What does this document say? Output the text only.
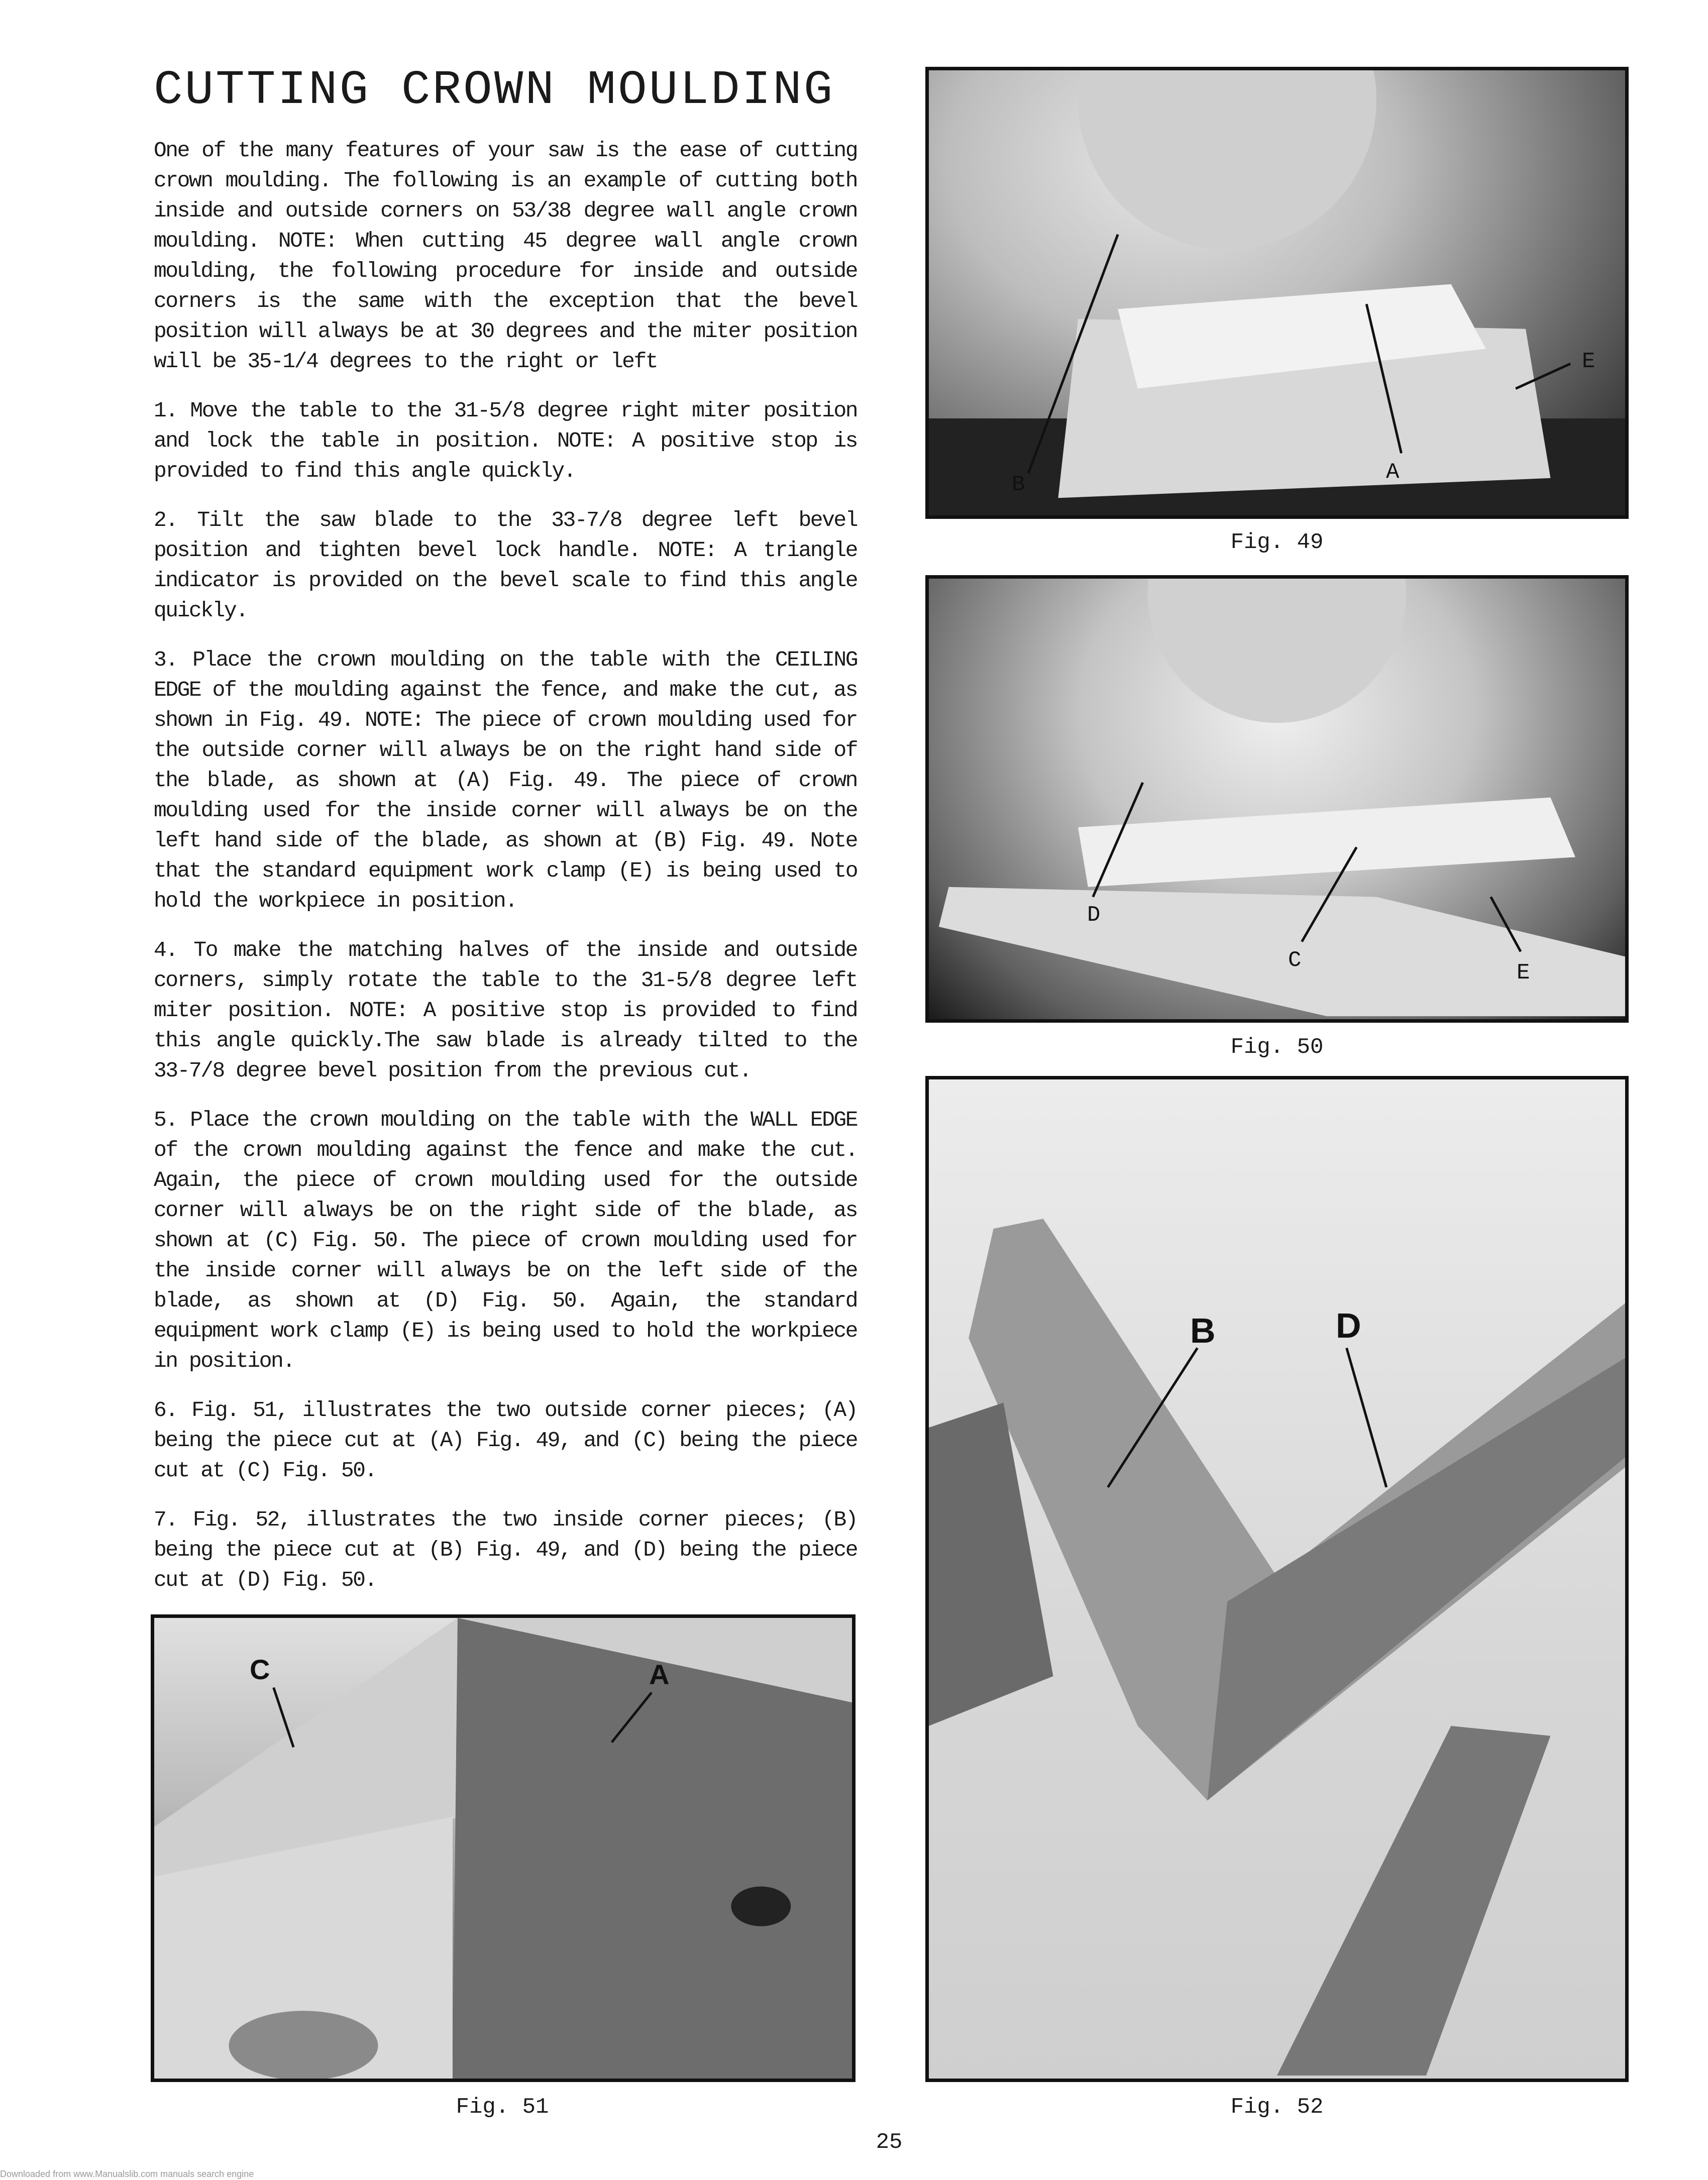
CUTTING CROWN MOULDING

One of the many features of your saw is the ease of cutting crown moulding. The following is an example of cutting both inside and outside corners on 53/38 degree wall angle crown moulding. NOTE: When cutting 45 degree wall angle crown moulding, the following procedure for inside and outside corners is the same with the exception that the bevel position will always be at 30 degrees and the miter position will be 35-1/4 degrees to the right or left

1. Move the table to the 31-5/8 degree right miter position and lock the table in position. NOTE: A positive stop is provided to find this angle quickly.

2. Tilt the saw blade to the 33-7/8 degree left bevel position and tighten bevel lock handle. NOTE: A triangle indicator is provided on the bevel scale to find this angle quickly.

3. Place the crown moulding on the table with the CEILING EDGE of the moulding against the fence, and make the cut, as shown in Fig. 49. NOTE: The piece of crown moulding used for the outside corner will always be on the right hand side of the blade, as shown at (A) Fig. 49. The piece of crown moulding used for the inside corner will always be on the left hand side of the blade, as shown at (B) Fig. 49. Note that the standard equipment work clamp (E) is being used to hold the workpiece in position.

4. To make the matching halves of the inside and outside corners, simply rotate the table to the 31-5/8 degree left miter position. NOTE: A positive stop is provided to find this angle quickly.The saw blade is already tilted to the 33-7/8 degree bevel position from the previous cut.

5. Place the crown moulding on the table with the WALL EDGE of the crown moulding against the fence and make the cut. Again, the piece of crown moulding used for the outside corner will always be on the right side of the blade, as shown at (C) Fig. 50. The piece of crown moulding used for the inside corner will always be on the left side of the blade, as shown at (D) Fig. 50. Again, the standard equipment work clamp (E) is being used to hold the workpiece in position.

6. Fig. 51, illustrates the two outside corner pieces; (A) being the piece cut at (A) Fig. 49, and (C) being the piece cut at (C) Fig. 50.

7. Fig. 52, illustrates the two inside corner pieces; (B) being the piece cut at (B) Fig. 49, and (D) being the piece cut at (D) Fig. 50.

B	A
E
Fig. 49
D
C	E
Fig. 50
B	D
Fig. 52
C	A
Fig. 51
25
Downloaded from www.Manualslib.com manuals search engine
